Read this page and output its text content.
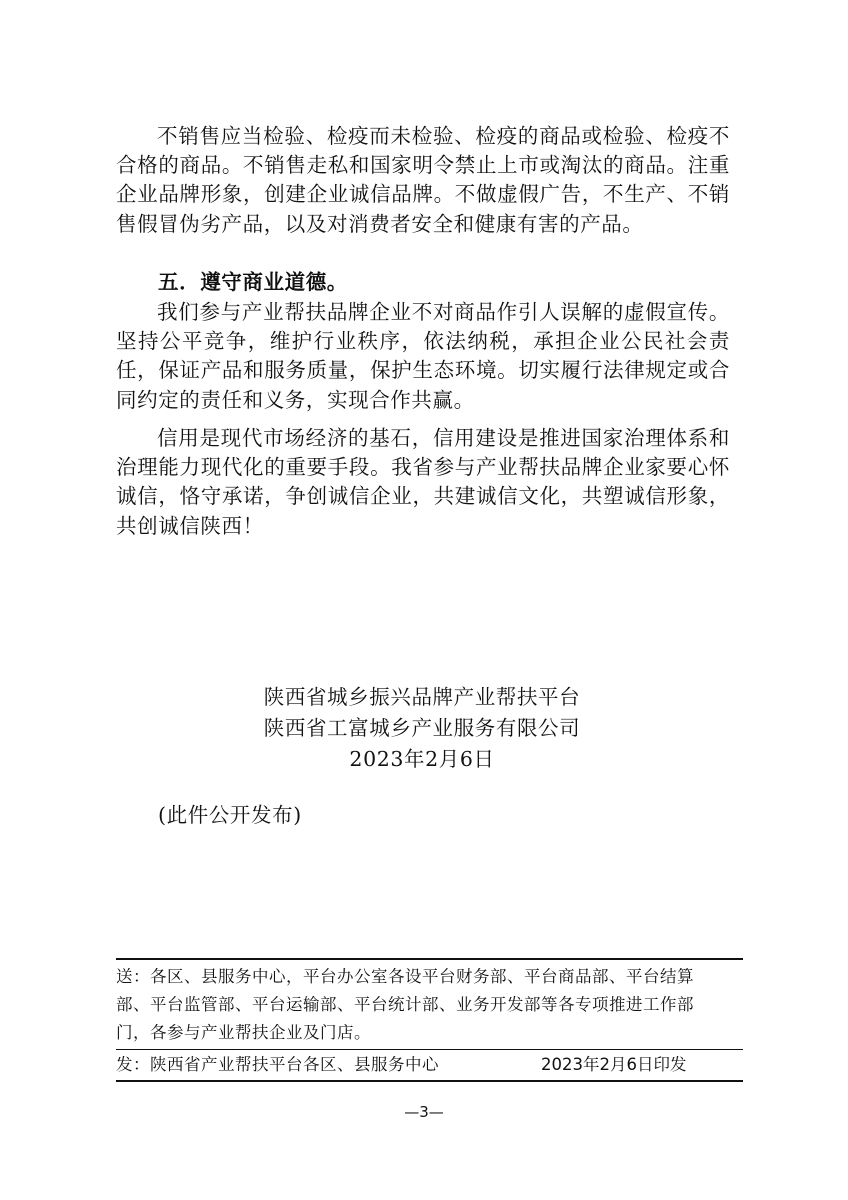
不销售应当检验、检疫而未检验、检疫的商品或检验、检疫不合格的商品。不销售走私和国家明令禁止上市或淘汰的商品。注重企业品牌形象，创建企业诚信品牌。不做虚假广告，不生产、不销售假冒伪劣产品，以及对消费者安全和健康有害的产品。

五．遵守商业道德。

我们参与产业帮扶品牌企业不对商品作引人误解的虚假宣传。坚持公平竞争，维护行业秩序，依法纳税，承担企业公民社会责任，保证产品和服务质量，保护生态环境。切实履行法律规定或合同约定的责任和义务，实现合作共赢。

信用是现代市场经济的基石，信用建设是推进国家治理体系和治理能力现代化的重要手段。我省参与产业帮扶品牌企业家要心怀诚信，恪守承诺，争创诚信企业，共建诚信文化，共塑诚信形象，共创诚信陕西！

陕西省城乡振兴品牌产业帮扶平台

陕西省工富城乡产业服务有限公司

2023年2月6日

(此件公开发布)

送：各区、县服务中心，平台办公室各设平台财务部、平台商品部、平台结算部、平台监管部、平台运输部、平台统计部、业务开发部等各专项推进工作部门，各参与产业帮扶企业及门店。

发：陕西省产业帮扶平台各区、县服务中心	2023年2月6日印发

—3—
